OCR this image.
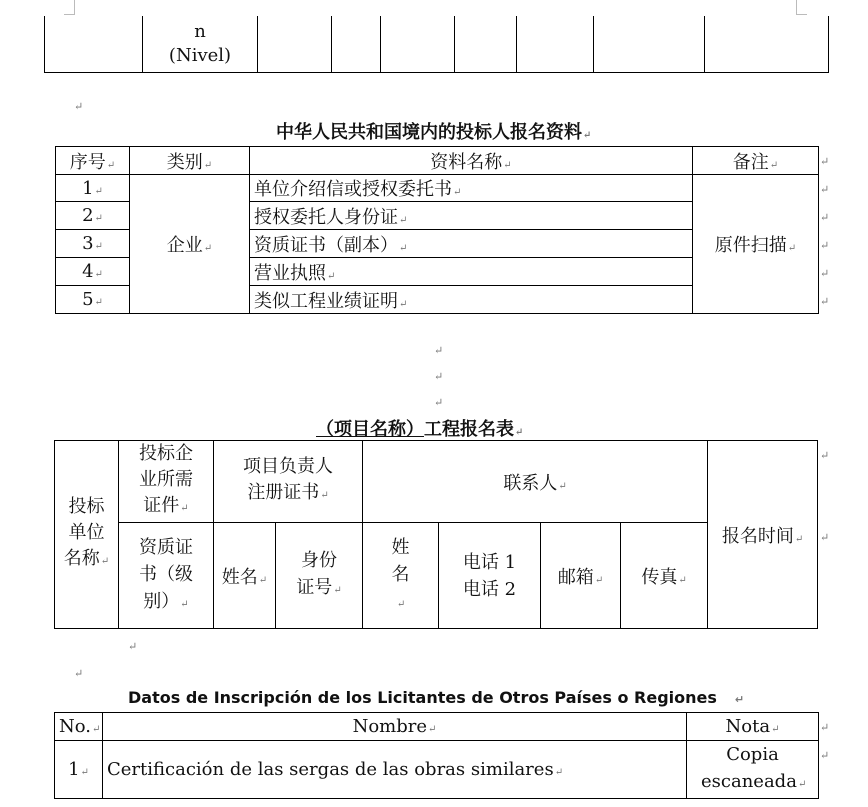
	n
(Nivel)							
↵
中华人民共和国境内的投标人报名资料 ↵
序号 ↵	类别 ↵	资料名称 ↵	备注 ↵
1 ↵	企业 ↵	单位介绍信或授权委托书 ↵	原件扫描 ↵
2 ↵		授权委托人身份证 ↵
3 ↵		资质证书（副本） ↵
4 ↵		营业执照 ↵
5 ↵		类似工程业绩证明 ↵
↵
↵
↵
↵
↵
↵
↵
↵
↵
（项目名称）工程报名表 ↵
投标单位名称 ↵	投标企业所需证件 ↵	项目负责人注册证书 ↵		联系人 ↵				报名时间 ↵
	资质证书（级别） ↵	姓名 ↵	身份证号 ↵	姓名 ↵	电话 1
电话 2	邮箱 ↵	传真 ↵
↵
↵
↵
↵
Datos de Inscripción de los Licitantes de Otros Países o Regiones ↵
No. ↵	Nombre ↵	Nota ↵
1 ↵	Certificación de las sergas de las obras similares ↵	Copia escaneada ↵
↵
↵
